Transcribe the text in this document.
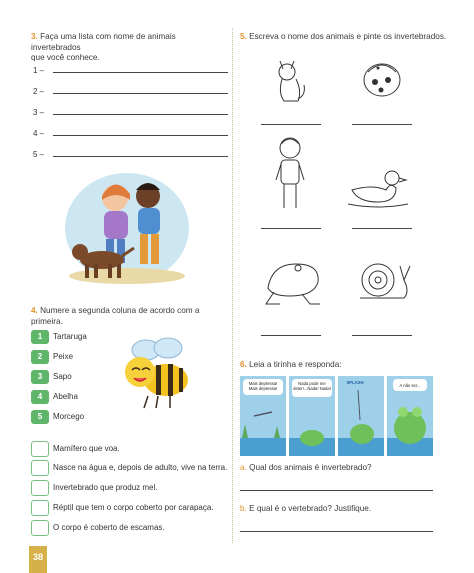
3. Faça uma lista com nome de animais invertebrados
que você conhece.
1 –
2 –
3 –
4 –
5 –
4. Numere a segunda coluna de acordo com a primeira.
1	Tartaruga
2	Peixe
3	Sapo
4	Abelha
5	Morcego
Mamífero que voa.
Nasce na água e, depois de adulto, vive na terra.
Invertebrado que produz mel.
Réptil que tem o corpo coberto por carapaça.
O corpo é coberto de escamas.
38
5. Escreva o nome dos animais e pinte os invertebrados.
6. Leia a tirinha e responda:
Mais depressa! Mais depressa!
Nada pode me deter!...Nada! Nada!
SPLASH
A não ser...
a. Qual dos animais é invertebrado?
b. E qual é o vertebrado? Justifique.
